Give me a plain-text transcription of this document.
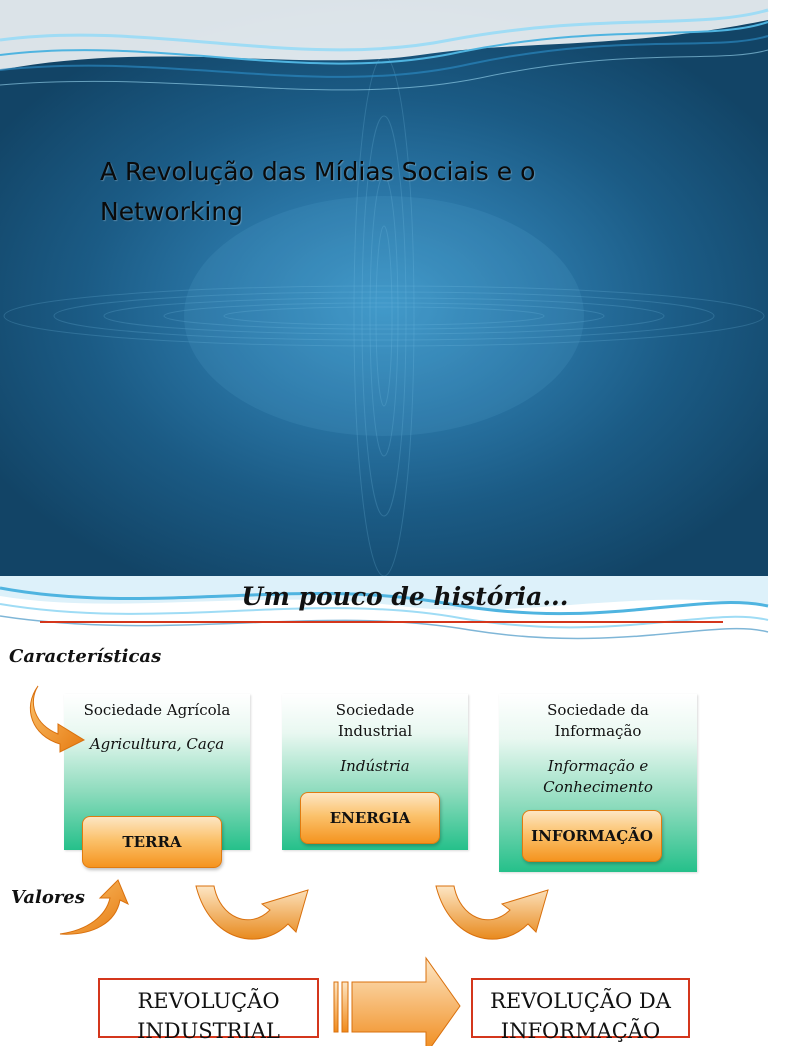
A Revolução das Mídias Sociais e o Networking
Um pouco de história...
Características
Valores
Sociedade Agrícola
Agricultura, Caça
TERRA
Sociedade Industrial
Indústria
ENERGIA
Sociedade da Informação
Informação e Conhecimento
INFORMAÇÃO
REVOLUÇÃO INDUSTRIAL
REVOLUÇÃO DA INFORMAÇÃO
